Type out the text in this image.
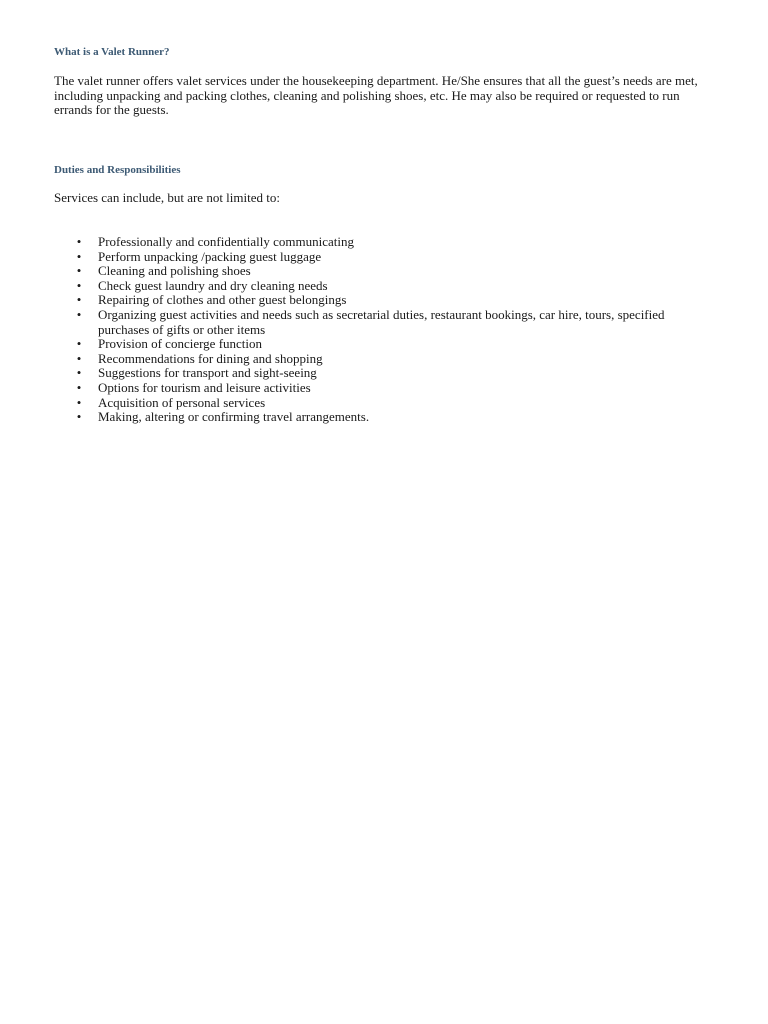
What is a Valet Runner?

The valet runner offers valet services under the housekeeping department. He/She ensures that all the guest’s needs are met, including unpacking and packing clothes, cleaning and polishing shoes, etc. He may also be required or requested to run errands for the guests.

Duties and Responsibilities

Services can include, but are not limited to:

• Professionally and confidentially communicating
• Perform unpacking /packing guest luggage
• Cleaning and polishing shoes
• Check guest laundry and dry cleaning needs
• Repairing of clothes and other guest belongings
• Organizing guest activities and needs such as secretarial duties, restaurant bookings, car hire, tours, specified purchases of gifts or other items
• Provision of concierge function
• Recommendations for dining and shopping
• Suggestions for transport and sight-seeing
• Options for tourism and leisure activities
• Acquisition of personal services
• Making, altering or confirming travel arrangements.
